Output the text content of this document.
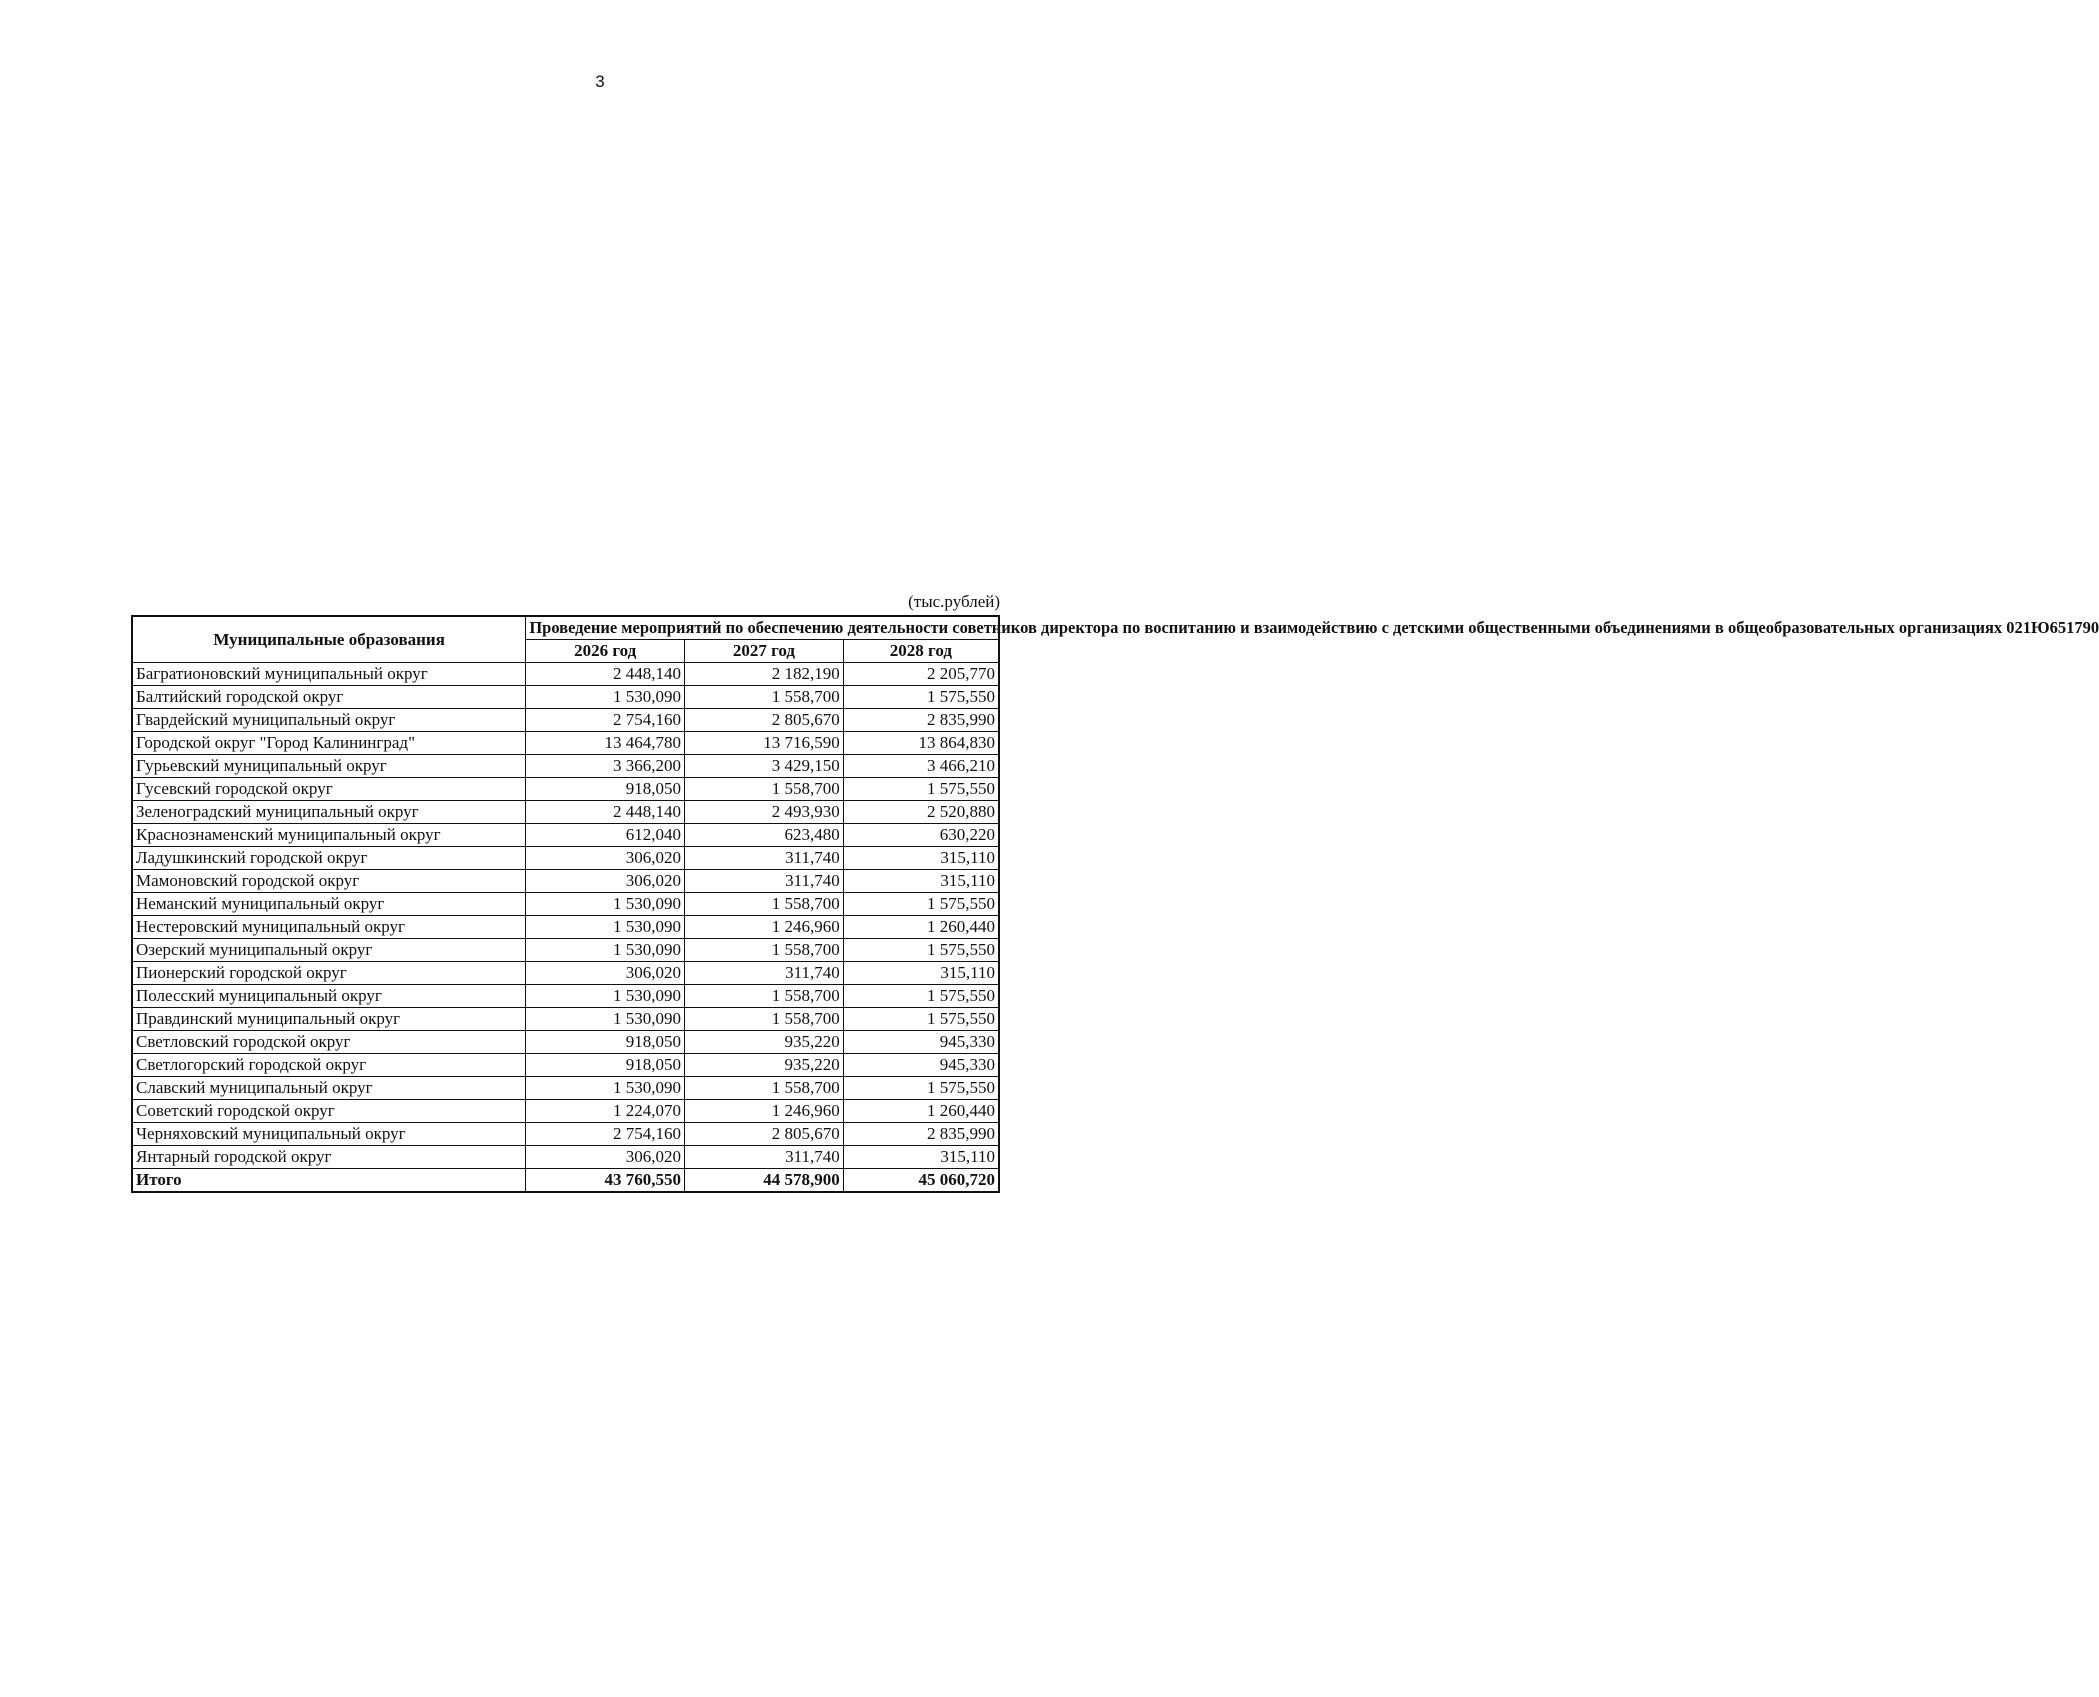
3
(тыс.рублей)
Муниципальные образования	Проведение мероприятий по обеспечению деятельности советников директора по воспитанию и взаимодействию с детскими общественными объединениями в общеобразовательных организациях 021Ю651790		
	2026 год	2027 год	2028 год
Багратионовский муниципальный округ	2 448,140	2 182,190	2 205,770
Балтийский городской округ	1 530,090	1 558,700	1 575,550
Гвардейский муниципальный округ	2 754,160	2 805,670	2 835,990
Городской округ "Город Калининград"	13 464,780	13 716,590	13 864,830
Гурьевский муниципальный округ	3 366,200	3 429,150	3 466,210
Гусевский городской округ	918,050	1 558,700	1 575,550
Зеленоградский муниципальный округ	2 448,140	2 493,930	2 520,880
Краснознаменский муниципальный округ	612,040	623,480	630,220
Ладушкинский городской округ	306,020	311,740	315,110
Мамоновский городской округ	306,020	311,740	315,110
Неманский муниципальный округ	1 530,090	1 558,700	1 575,550
Нестеровский муниципальный округ	1 530,090	1 246,960	1 260,440
Озерский муниципальный округ	1 530,090	1 558,700	1 575,550
Пионерский городской округ	306,020	311,740	315,110
Полесский муниципальный округ	1 530,090	1 558,700	1 575,550
Правдинский муниципальный округ	1 530,090	1 558,700	1 575,550
Светловский городской округ	918,050	935,220	945,330
Светлогорский городской округ	918,050	935,220	945,330
Славский муниципальный округ	1 530,090	1 558,700	1 575,550
Советский городской округ	1 224,070	1 246,960	1 260,440
Черняховский муниципальный округ	2 754,160	2 805,670	2 835,990
Янтарный городской округ	306,020	311,740	315,110
Итого	43 760,550	44 578,900	45 060,720
